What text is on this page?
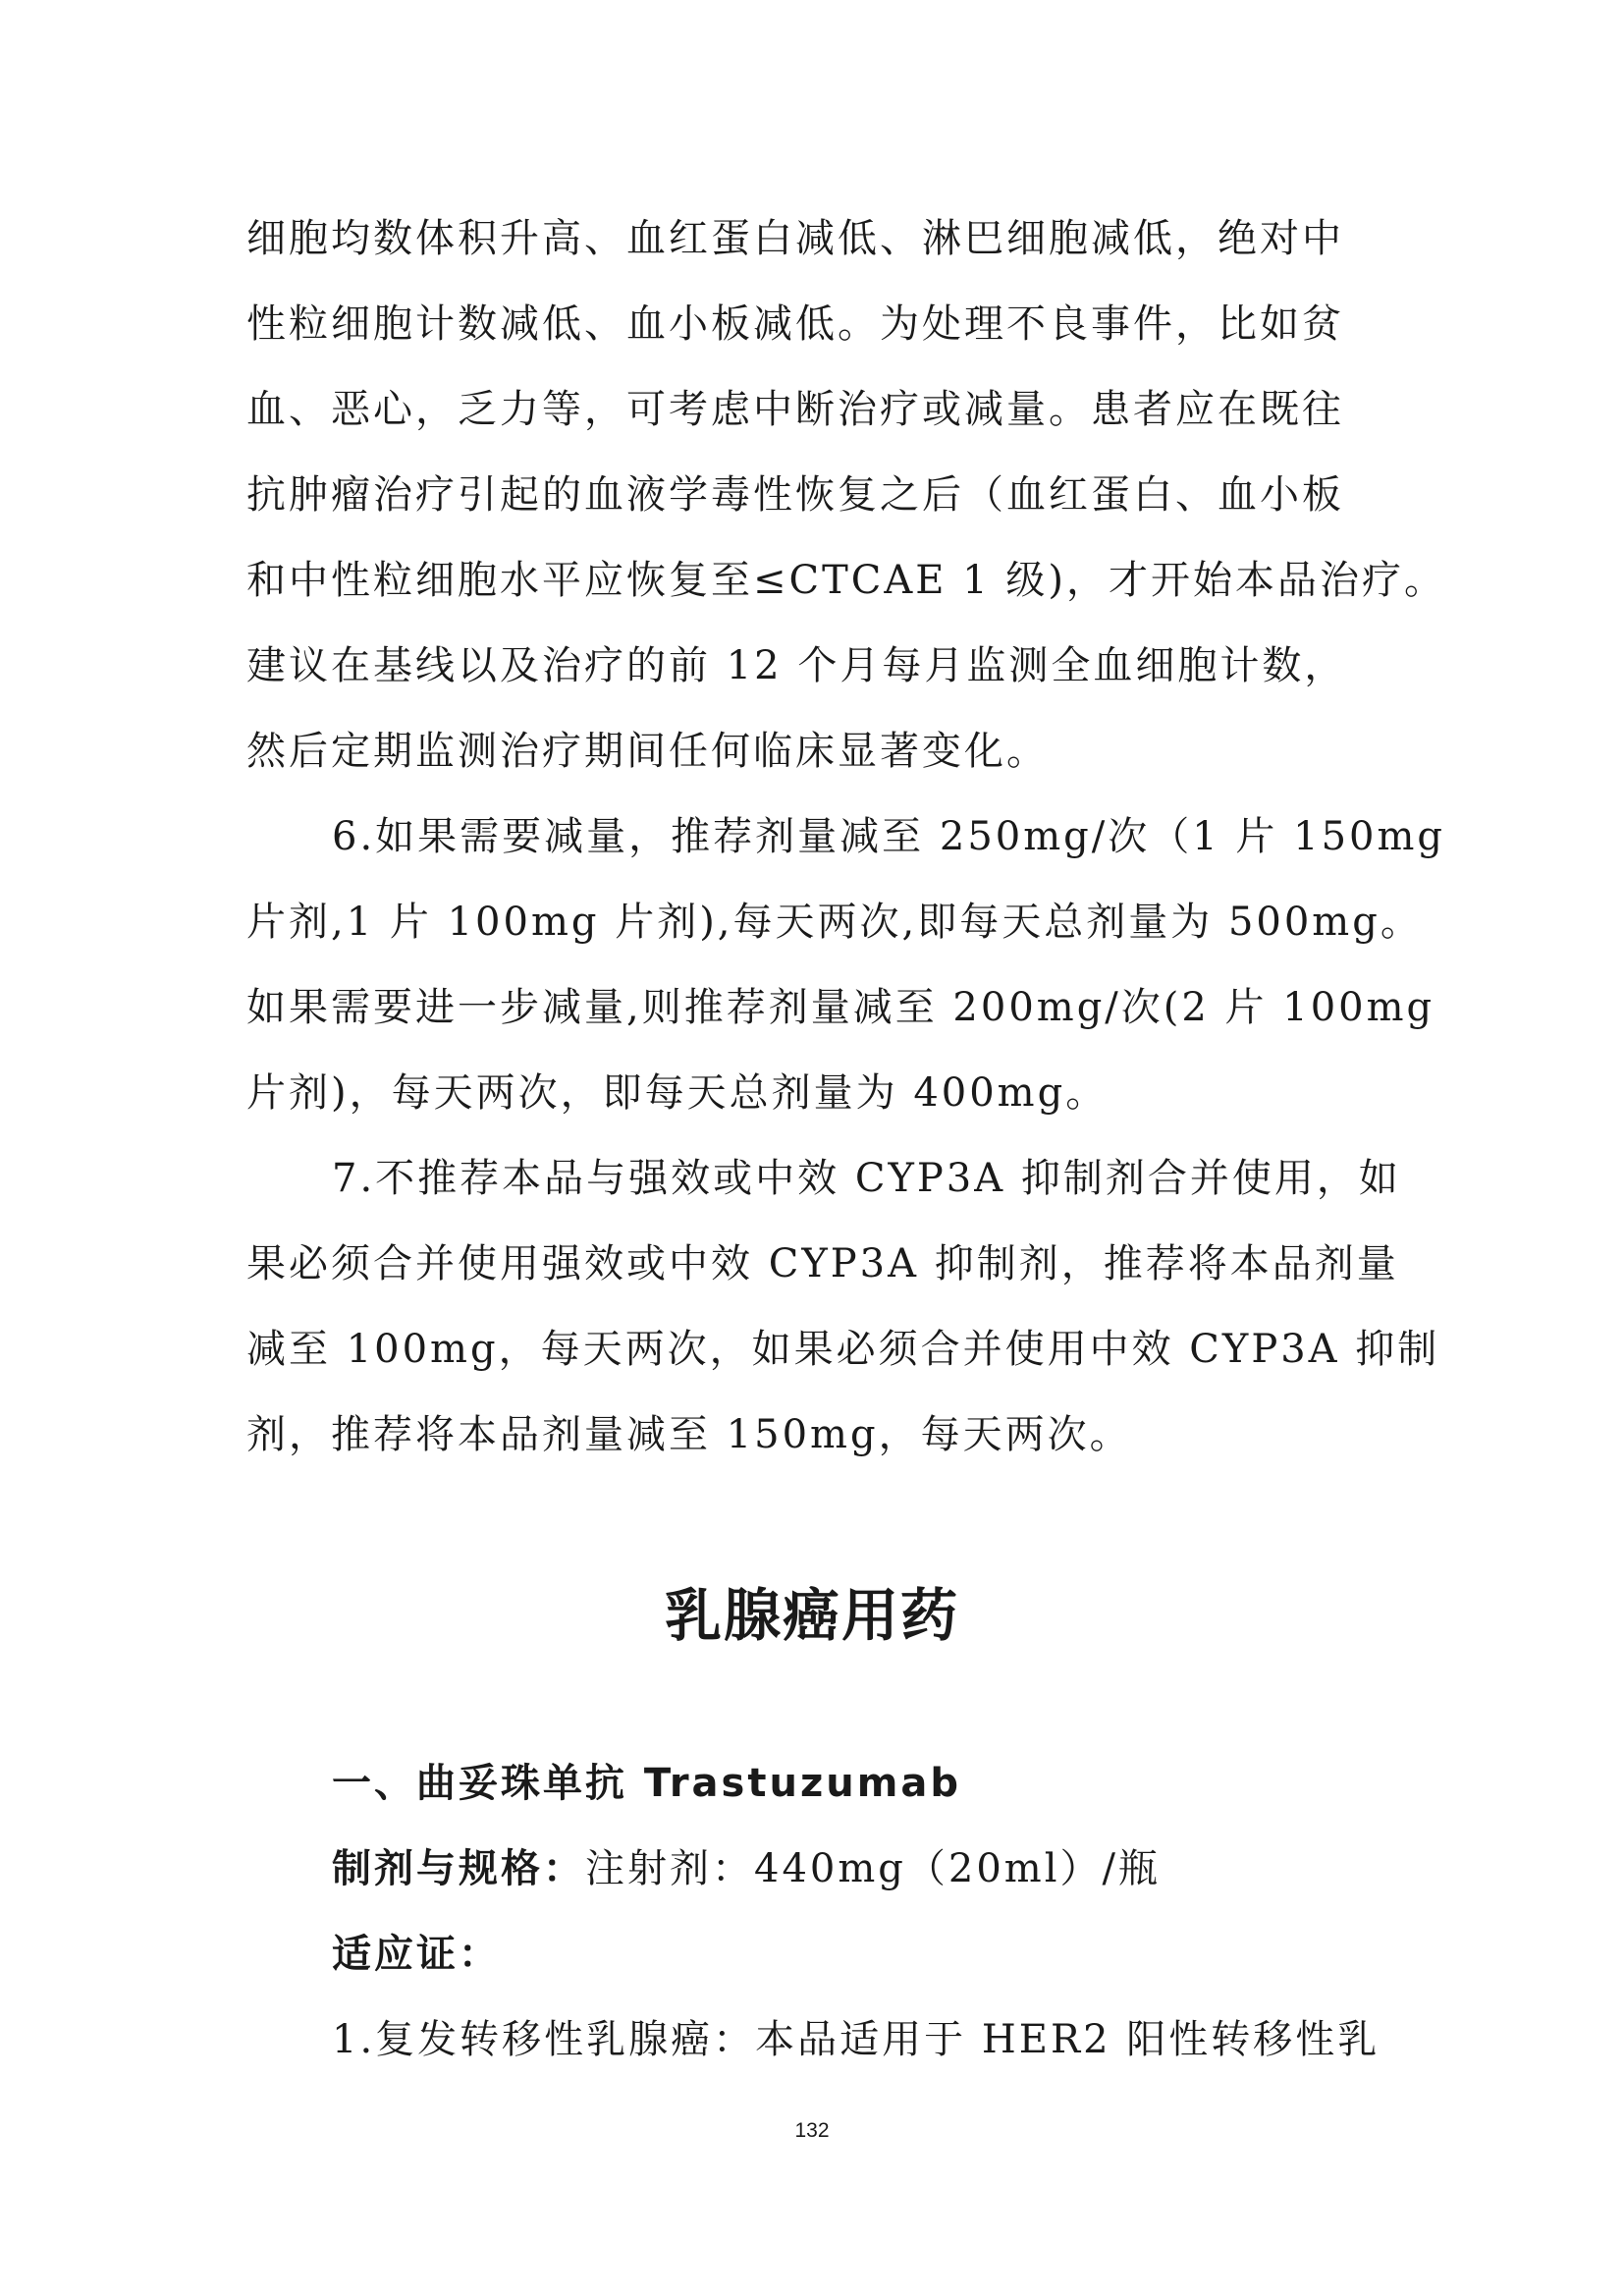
细胞均数体积升高、血红蛋白减低、淋巴细胞减低，绝对中
性粒细胞计数减低、血小板减低。为处理不良事件，比如贫
血、恶心，乏力等，可考虑中断治疗或减量。患者应在既往
抗肿瘤治疗引起的血液学毒性恢复之后（血红蛋白、血小板
和中性粒细胞水平应恢复至≤CTCAE 1 级)，才开始本品治疗。
建议在基线以及治疗的前 12 个月每月监测全血细胞计数，
然后定期监测治疗期间任何临床显著变化。
6.如果需要减量，推荐剂量减至 250mg/次（1 片 150mg
片剂,1 片 100mg 片剂),每天两次,即每天总剂量为 500mg。
如果需要进一步减量,则推荐剂量减至 200mg/次(2 片 100mg
片剂)，每天两次，即每天总剂量为 400mg。
7.不推荐本品与强效或中效 CYP3A 抑制剂合并使用，如
果必须合并使用强效或中效 CYP3A 抑制剂，推荐将本品剂量
减至 100mg，每天两次，如果必须合并使用中效 CYP3A 抑制
剂，推荐将本品剂量减至 150mg，每天两次。
乳腺癌用药
一、曲妥珠单抗 Trastuzumab
制剂与规格：注射剂：440mg（20ml）/瓶
适应证：
1.复发转移性乳腺癌：本品适用于 HER2 阳性转移性乳
132
